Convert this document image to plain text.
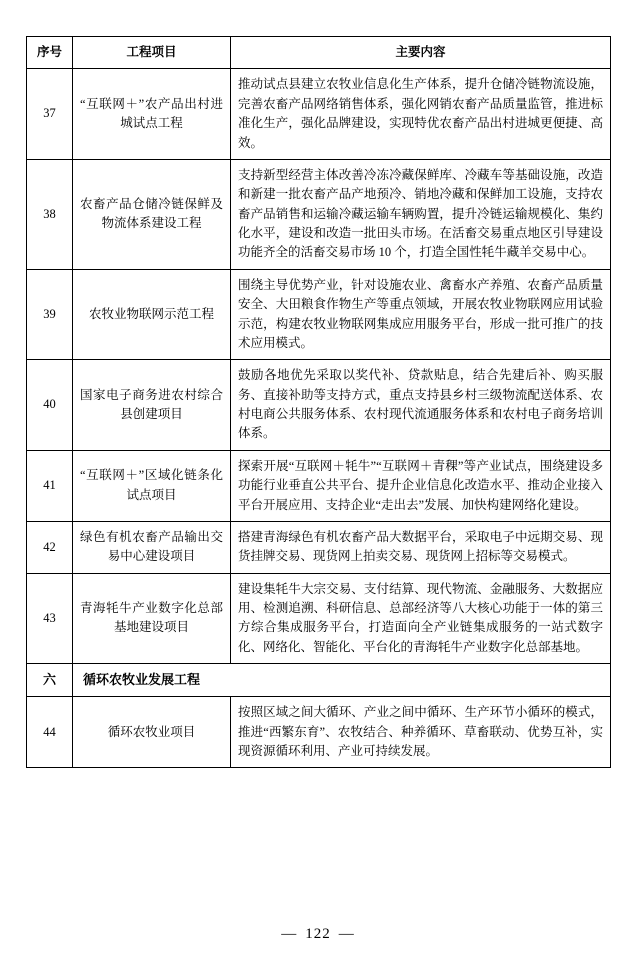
序号	工程项目	主要内容
37	“互联网＋”农产品出村进城试点工程	推动试点县建立农牧业信息化生产体系，提升仓储冷链物流设施，完善农畜产品网络销售体系，强化网销农畜产品质量监管，推进标准化生产，强化品牌建设，实现特优农畜产品出村进城更便捷、高效。
38	农畜产品仓储冷链保鲜及物流体系建设工程	支持新型经营主体改善冷冻冷藏保鲜库、冷藏车等基础设施，改造和新建一批农畜产品产地预冷、销地冷藏和保鲜加工设施，支持农畜产品销售和运输冷藏运输车辆购置，提升冷链运输规模化、集约化水平，建设和改造一批田头市场。在活畜交易重点地区引导建设功能齐全的活畜交易市场 10 个，打造全国性牦牛藏羊交易中心。
39	农牧业物联网示范工程	围绕主导优势产业，针对设施农业、禽畜水产养殖、农畜产品质量安全、大田粮食作物生产等重点领域，开展农牧业物联网应用试验示范，构建农牧业物联网集成应用服务平台，形成一批可推广的技术应用模式。
40	国家电子商务进农村综合县创建项目	鼓励各地优先采取以奖代补、贷款贴息，结合先建后补、购买服务、直接补助等支持方式，重点支持县乡村三级物流配送体系、农村电商公共服务体系、农村现代流通服务体系和农村电子商务培训体系。
41	“互联网＋”区域化链条化试点项目	探索开展“互联网＋牦牛”“互联网＋青稞”等产业试点，围绕建设多功能行业垂直公共平台、提升企业信息化改造水平、推动企业接入平台开展应用、支持企业“走出去”发展、加快构建网络化建设。
42	绿色有机农畜产品输出交易中心建设项目	搭建青海绿色有机农畜产品大数据平台，采取电子中远期交易、现货挂牌交易、现货网上拍卖交易、现货网上招标等交易模式。
43	青海牦牛产业数字化总部基地建设项目	建设集牦牛大宗交易、支付结算、现代物流、金融服务、大数据应用、检测追溯、科研信息、总部经济等八大核心功能于一体的第三方综合集成服务平台，打造面向全产业链集成服务的一站式数字化、网络化、智能化、平台化的青海牦牛产业数字化总部基地。
六	循环农牧业发展工程	
44	循环农牧业项目	按照区域之间大循环、产业之间中循环、生产环节小循环的模式，推进“西繁东育”、农牧结合、种养循环、草畜联动、优势互补，实现资源循环利用、产业可持续发展。
— 122 —
